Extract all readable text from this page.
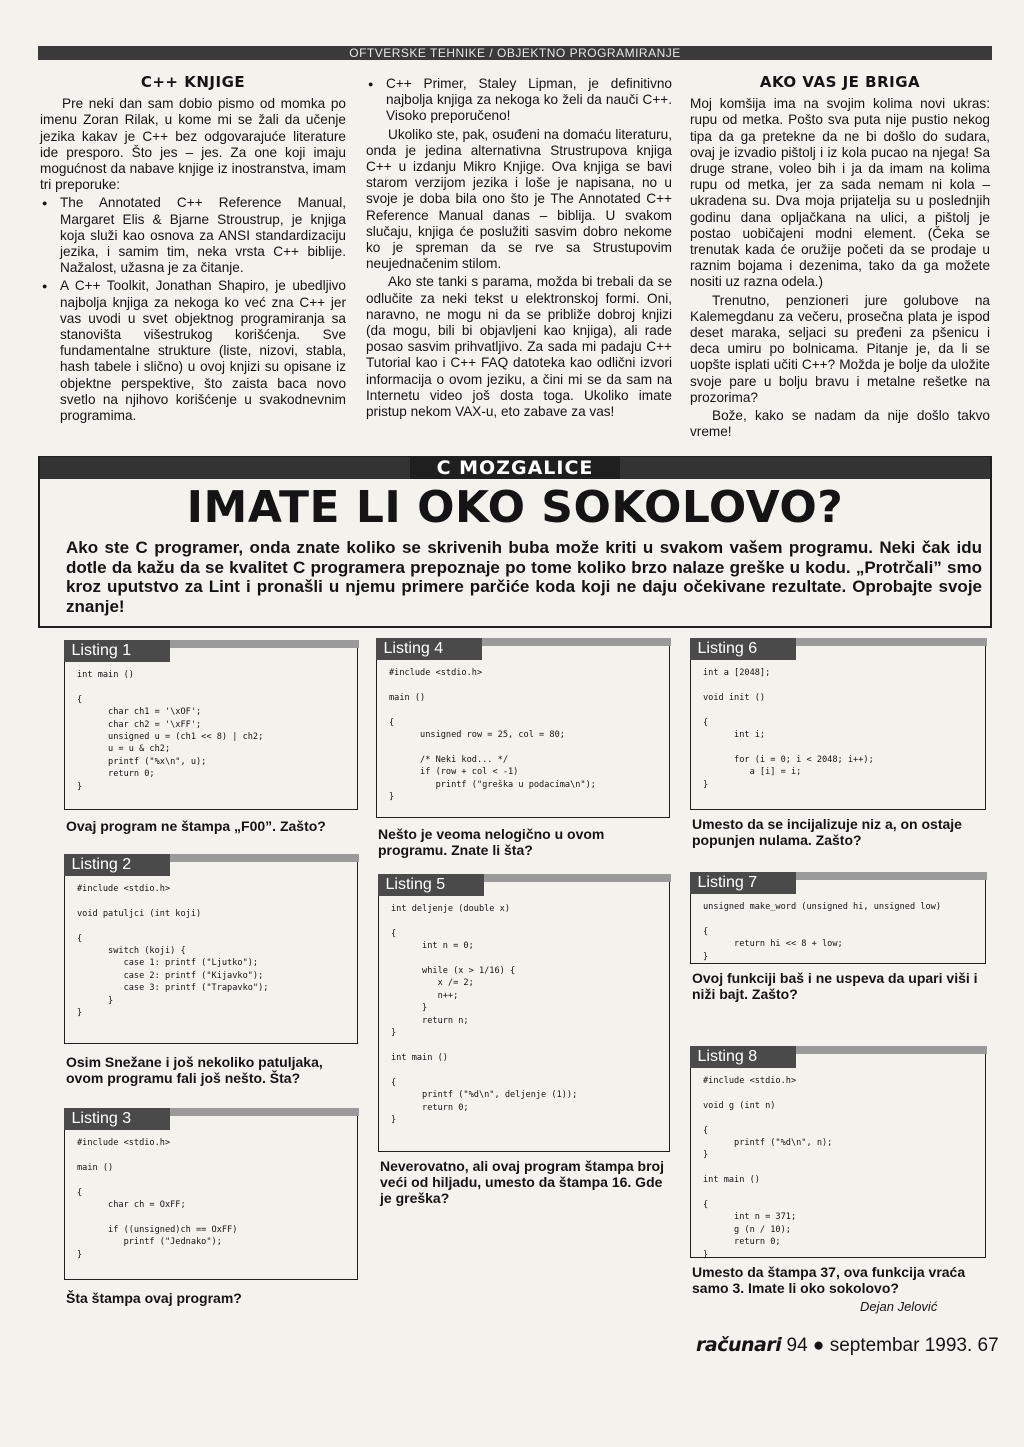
OFTVERSKE TEHNIKE / OBJEKTNO PROGRAMIRANJE
C++ KNJIGE

Pre neki dan sam dobio pismo od momka po imenu Zoran Rilak, u kome mi se žali da učenje jezika kakav je C++ bez odgovarajuće literature ide presporo. Što jes – jes. Za one koji imaju mogućnost da nabave knjige iz inostranstva, imam tri preporuke:

● The Annotated C++ Reference Manual, Margaret Elis & Bjarne Stroustrup, je knjiga koja služi kao osnova za ANSI standardizaciju jezika, i samim tim, neka vrsta C++ biblije. Nažalost, užasna je za čitanje.
● A C++ Toolkit, Jonathan Shapiro, je ubedljivo najbolja knjiga za nekoga ko već zna C++ jer vas uvodi u svet objektnog programiranja sa stanovišta višestrukog korišćenja. Sve fundamentalne strukture (liste, nizovi, stabla, hash tabele i slično) u ovoj knjizi su opisane iz objektne perspektive, što zaista baca novo svetlo na njihovo korišćenje u svakodnevnim programima.
● C++ Primer, Staley Lipman, je definitivno najbolja knjiga za nekoga ko želi da nauči C++. Visoko preporučeno!

Ukoliko ste, pak, osuđeni na domaću literaturu, onda je jedina alternativna Strustrupova knjiga C++ u izdanju Mikro Knjige. Ova knjiga se bavi starom verzijom jezika i loše je napisana, no u svoje je doba bila ono što je The Annotated C++ Reference Manual danas – biblija. U svakom slučaju, knjiga će poslužiti sasvim dobro nekome ko je spreman da se rve sa Strustupovim neujednačenim stilom.

Ako ste tanki s parama, možda bi trebali da se odlučite za neki tekst u elektronskoj formi. Oni, naravno, ne mogu ni da se približe dobroj knjizi (da mogu, bili bi objavljeni kao knjiga), ali rade posao sasvim prihvatljivo. Za sada mi padaju C++ Tutorial kao i C++ FAQ datoteka kao odlični izvori informacija o ovom jeziku, a čini mi se da sam na Internetu video još dosta toga. Ukoliko imate pristup nekom VAX-u, eto zabave za vas!

AKO VAS JE BRIGA

Moj komšija ima na svojim kolima novi ukras: rupu od metka. Pošto sva puta nije pustio nekog tipa da ga pretekne da ne bi došlo do sudara, ovaj je izvadio pištolj i iz kola pucao na njega! Sa druge strane, voleo bih i ja da imam na kolima rupu od metka, jer za sada nemam ni kola – ukradena su. Dva moja prijatelja su u poslednjih godinu dana opljačkana na ulici, a pištolj je postao uobičajeni modni element. (Čeka se trenutak kada će oružije početi da se prodaje u raznim bojama i dezenima, tako da ga možete nositi uz razna odela.)

Trenutno, penzioneri jure golubove na Kalemegdanu za večeru, prosečna plata je ispod deset maraka, seljaci su pređeni za pšenicu i deca umiru po bolnicama. Pitanje je, da li se uopšte isplati učiti C++? Možda je bolje da uložite svoje pare u bolju bravu i metalne rešetke na prozorima?

Bože, kako se nadam da nije došlo takvo vreme!

C MOZGALICE
IMATE LI OKO SOKOLOVO?
Ako ste C programer, onda znate koliko se skrivenih buba može kriti u svakom vašem programu. Neki čak idu dotle da kažu da se kvalitet C programera prepoznaje po tome koliko brzo nalaze greške u kodu. „Protrčali” smo kroz uputstvo za Lint i pronašli u njemu primere parčiće koda koji ne daju očekivane rezultate. Oprobajte svoje znanje!
Listing 1
int main ()

{
char ch1 = '\xOF';
char ch2 = '\xFF';
unsigned u = (ch1 << 8) | ch2;
u = u & ch2;
printf ("%x\n", u);
return 0;
}
Ovaj program ne štampa „F00”. Zašto?
Listing 2
#include <stdio.h>

void patuljci (int koji)

{
switch (koji) {
case 1: printf ("Ljutko");
case 2: printf ("Kijavko");
case 3: printf ("Trapavko");
}
}
Osim Snežane i još nekoliko patuljaka, ovom programu fali još nešto. Šta?
Listing 3
#include <stdio.h>

main ()

{
char ch = OxFF;

if ((unsigned)ch == OxFF)
printf ("Jednako");
}
Šta štampa ovaj program?
Listing 4
#include <stdio.h>

main ()

{
unsigned row = 25, col = 80;

/* Neki kod... */
if (row + col < -1)
printf ("greška u podacima\n");
}
Nešto je veoma nelogično u ovom programu. Znate li šta?
Listing 5
int deljenje (double x)

{
int n = 0;

while (x > 1/16) {
x /= 2;
n++;
}
return n;
}

int main ()

{
printf ("%d\n", deljenje (1));
return 0;
}
Neverovatno, ali ovaj program štampa broj veći od hiljadu, umesto da štampa 16. Gde je greška?
Listing 6
int a [2048];

void init ()

{
int i;

for (i = 0; i < 2048; i++);
a [i] = i;
}
Umesto da se incijalizuje niz a, on ostaje popunjen nulama. Zašto?
Listing 7
unsigned make_word (unsigned hi, unsigned low)

{
return hi << 8 + low;
}
Ovoj funkciji baš i ne uspeva da upari viši i niži bajt. Zašto?
Listing 8
#include <stdio.h>

void g (int n)

{
printf ("%d\n", n);
}

int main ()

{
int n = 371;
g (n / 10);
return 0;
}
Umesto da štampa 37, ova funkcija vraća samo 3. Imate li oko sokolovo?
Dejan Jelović
računari 94 ● septembar 1993. 67
